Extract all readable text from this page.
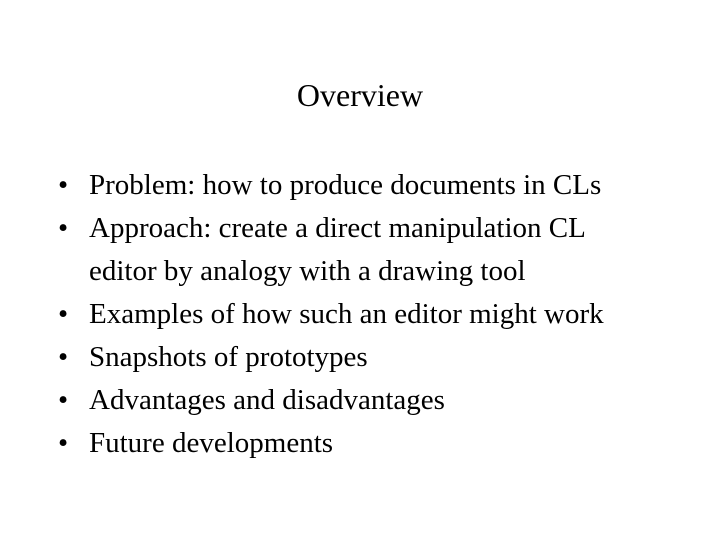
Overview
• Problem: how to produce documents in CLs
• Approach: create a direct manipulation CL
editor by analogy with a drawing tool
• Examples of how such an editor might work
• Snapshots of prototypes
• Advantages and disadvantages
• Future developments
